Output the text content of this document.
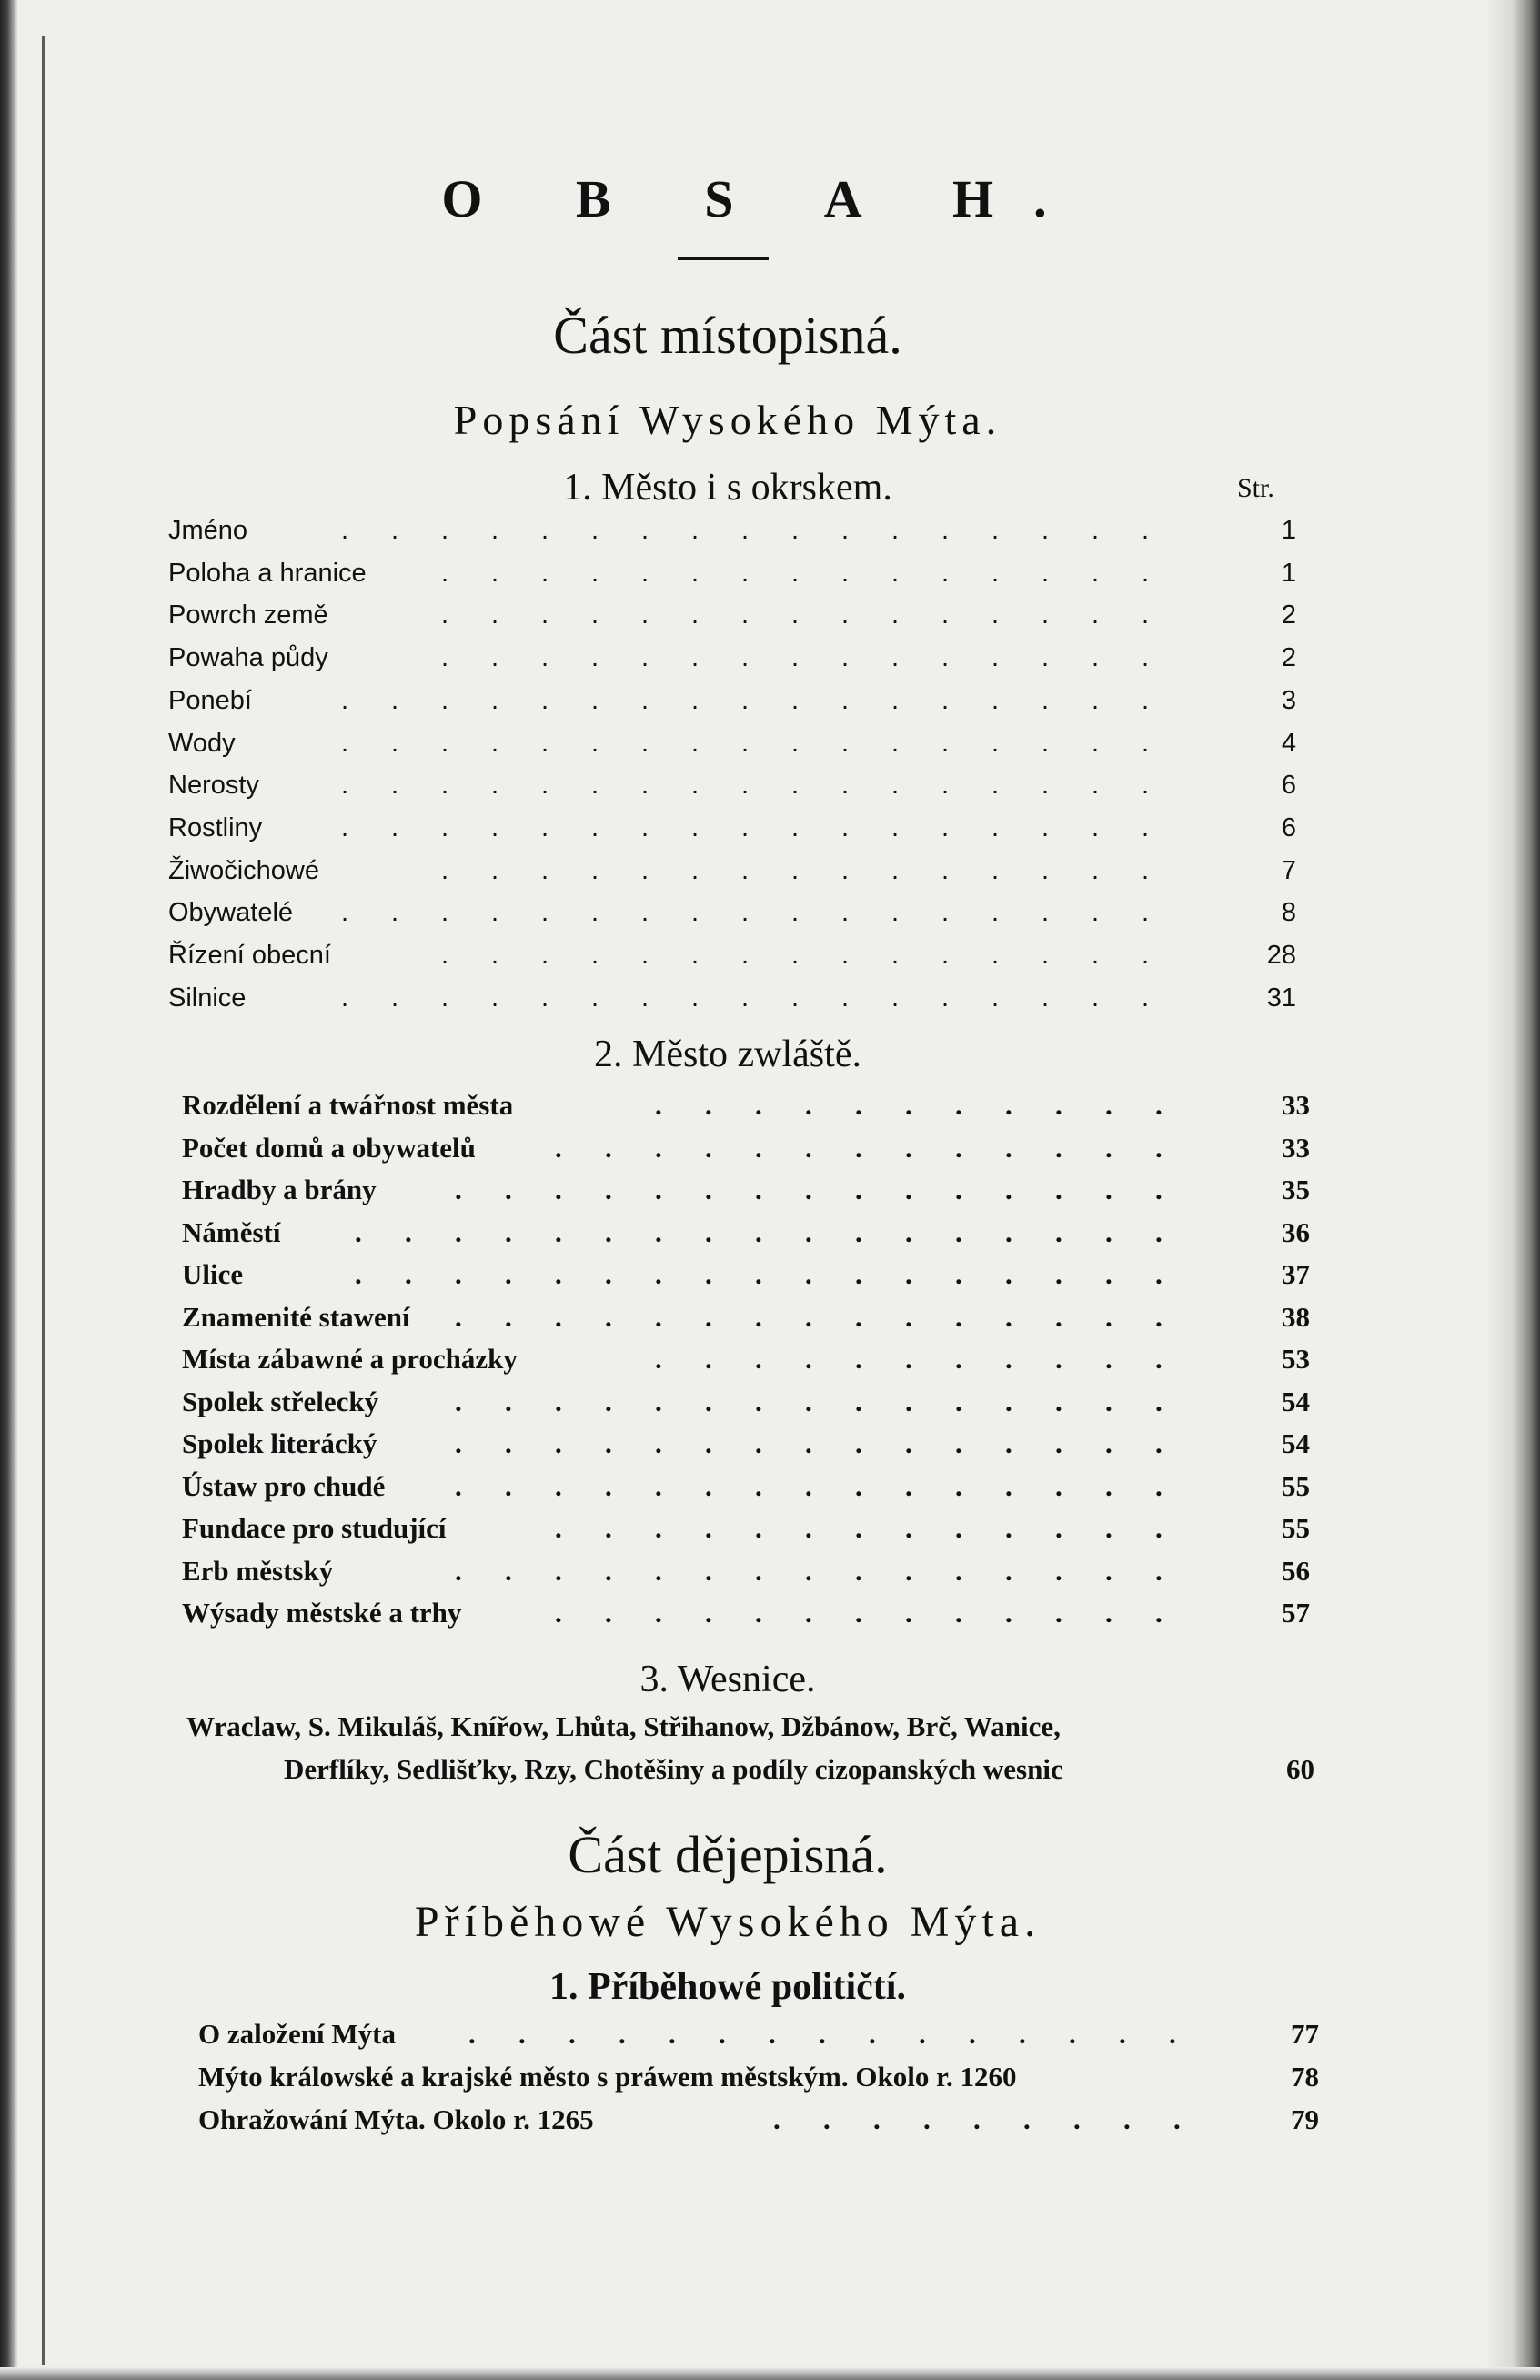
O B S A H.
Část místopisná.
Popsání Wysokého Mýta.
1. Město i s okrskem.	Str.
Jméno	. . . . . . . . . . . . . . . . .	1
Poloha a hranice	. . . . . . . . . . . . . . .	1
Powrch země	. . . . . . . . . . . . . . .	2
Powaha půdy	. . . . . . . . . . . . . . .	2
Ponebí	. . . . . . . . . . . . . . . . .	3
Wody	. . . . . . . . . . . . . . . . .	4
Nerosty	. . . . . . . . . . . . . . . . .	6
Rostliny	. . . . . . . . . . . . . . . . .	6
Žiwočichowé	. . . . . . . . . . . . . . .	7
Obywatelé . . . . . . . . . . . . . . . . .	8
Řízení obecní	. . . . . . . . . . . . . . .	28
Silnice	. . . . . . . . . . . . . . . . .	31
2. Město zwláště.
Rozdělení a twářnost města	. . . . . . . . . . .	33
Počet domů a obywatelů	. . . . . . . . . . . . .	33
Hradby a brány	. . . . . . . . . . . . . . .	35
Náměstí	. . . . . . . . . . . . . . . . .	36
Ulice	. . . . . . . . . . . . . . . . .	37
Znamenité stawení . . . . . . . . . . . . . . .	38
Místa zábawné a procházky	. . . . . . . . . . .	53
Spolek střelecký	. . . . . . . . . . . . . . .	54
Spolek literácký	. . . . . . . . . . . . . . .	54
Ústaw pro chudé . . . . . . . . . . . . . . .	55
Fundace pro studující	. . . . . . . . . . . . .	55
Erb městský	. . . . . . . . . . . . . . .	56
Wýsady městské a trhy	. . . . . . . . . . . . .	57
3. Wesnice.
Wraclaw, S. Mikuláš, Knířow, Lhůta, Střihanow, Džbánow, Brč, Wanice,
Derflíky, Sedlišťky, Rzy, Chotěšiny a podíly cizopanských wesnic	60
Část dějepisná.
Příběhowé Wysokého Mýta.
1. Příběhowé političtí.
O založení Mýta	. . . . . . . . . . . . . . .	77
Mýto králowské a krajské město s práwem městským. Okolo r. 1260	78
Ohražowání Mýta. Okolo r. 1265	. . . . . . . . .	79
